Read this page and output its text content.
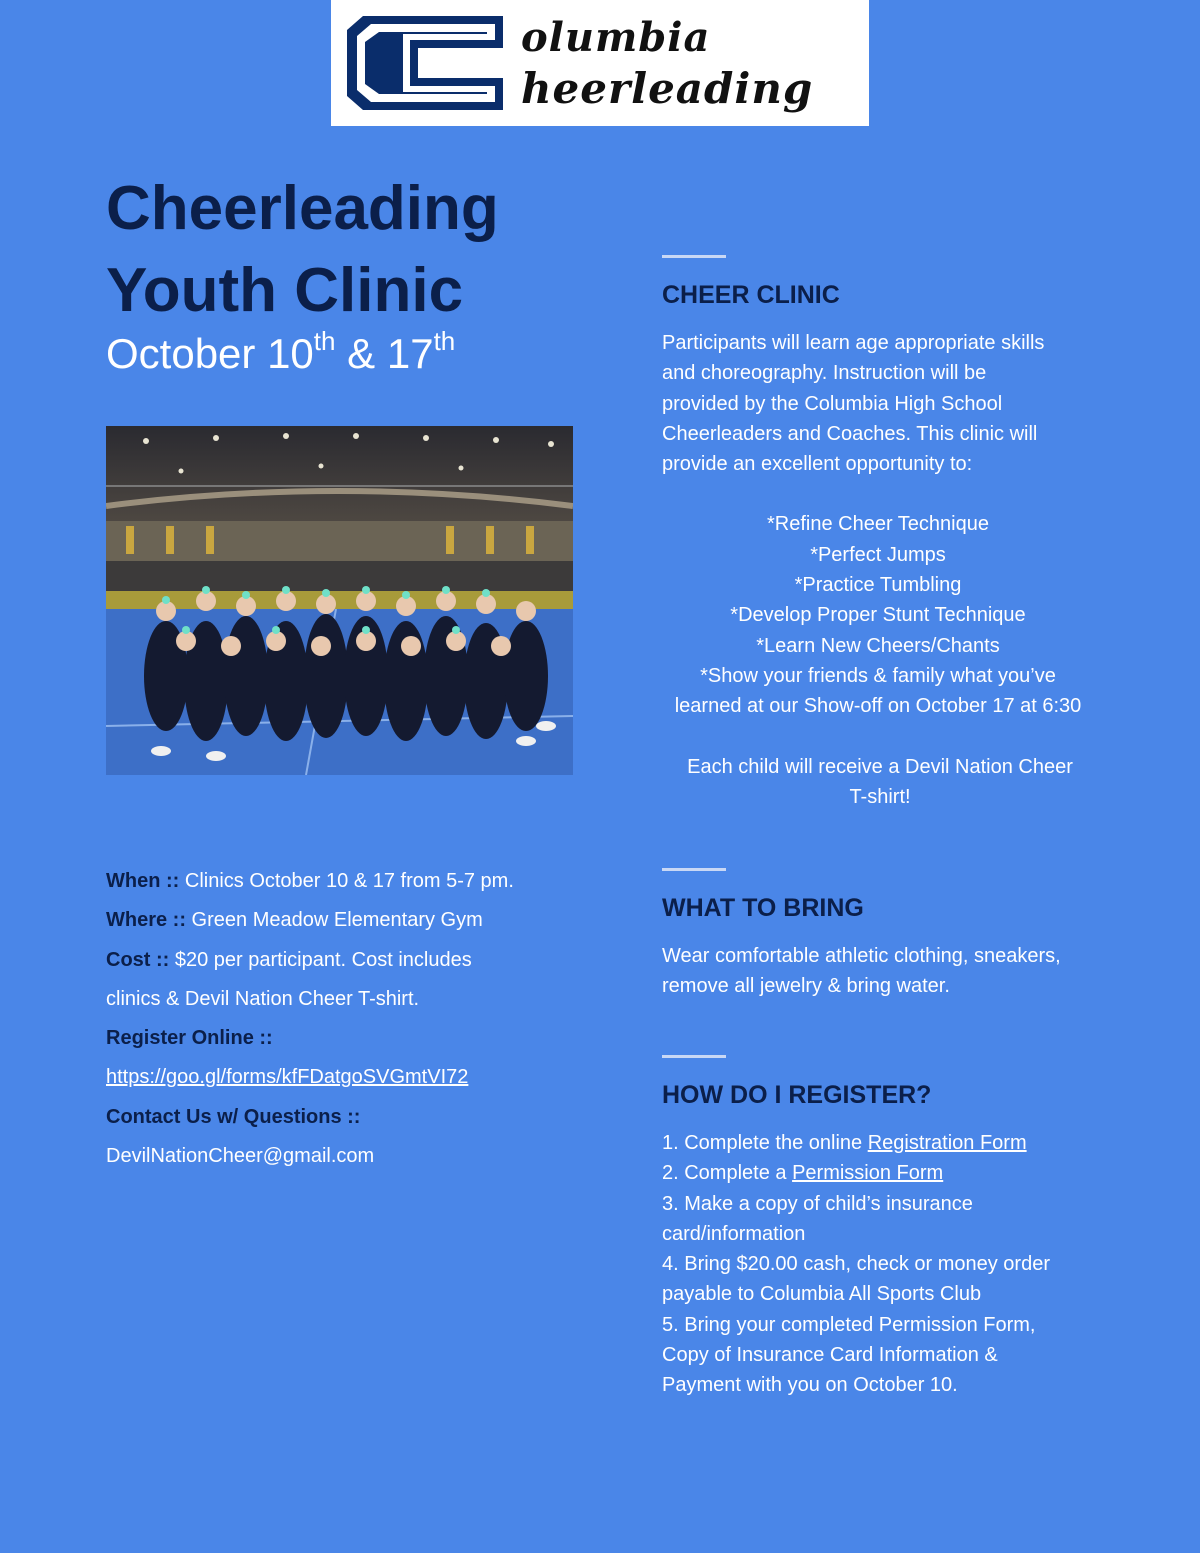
olumbia
heerleading
Cheerleading
Youth Clinic
October 10th & 17th
When :: Clinics October 10 & 17 from 5-7 pm.
Where :: Green Meadow Elementary Gym
Cost :: $20 per participant. Cost includes
clinics & Devil Nation Cheer T-shirt.
Register Online ::
https://goo.gl/forms/kfFDatgoSVGmtVI72
Contact Us w/ Questions ::
DevilNationCheer@gmail.com
CHEER CLINIC

Participants will learn age appropriate skills

and choreography. Instruction will be

provided by the Columbia High School

Cheerleaders and Coaches. This clinic will

provide an excellent opportunity to:

*Refine Cheer Technique

*Perfect Jumps

*Practice Tumbling

*Develop Proper Stunt Technique

*Learn New Cheers/Chants

*Show your friends & family what you’ve

learned at our Show-off on October 17 at 6:30

Each child will receive a Devil Nation Cheer

T-shirt!

WHAT TO BRING

Wear comfortable athletic clothing, sneakers,

remove all jewelry & bring water.

HOW DO I REGISTER?

1. Complete the online Registration Form

2. Complete a Permission Form

3. Make a copy of child’s insurance

card/information

4. Bring $20.00 cash, check or money order

payable to Columbia All Sports Club

5. Bring your completed Permission Form,

Copy of Insurance Card Information &

Payment with you on October 10.
